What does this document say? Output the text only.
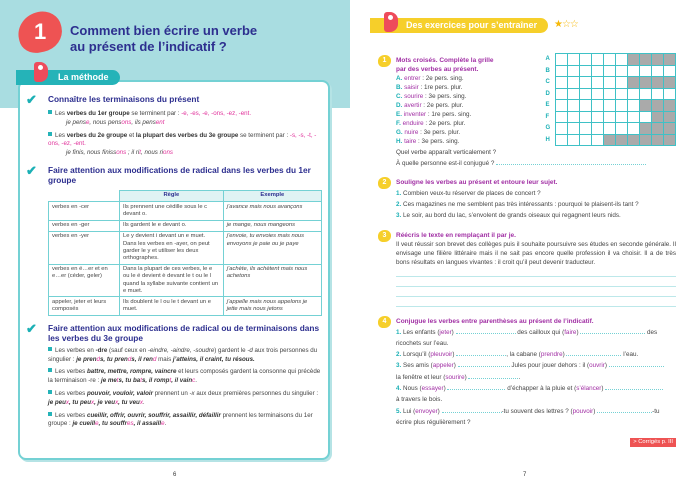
1 Comment bien écrire un verbe
au présent de l’indicatif ?
La méthode
✔	Connaître les terminaisons du présent
Les verbes du 1er groupe se terminent par : -e, -es, -e, -ons, -ez, -ent.
je pense, nous pensons, ils pensent
Les verbes du 2e groupe et la plupart des verbes du 3e groupe se terminent par : -s, -s, -t, -ons, -ez, -ent.
je finis, nous finissons ; il rit, nous rions
✔	Faire attention aux modifications de radical dans les verbes du 1er groupe
	Règle	Exemple
verbes en -cer	Ils prennent une cédille sous le c devant o.	j’avance mais nous avançons
verbes en -ger	Ils gardent le e devant o.	je mange, nous mangeons
verbes en -yer	Le y devient i devant un e muet. Dans les verbes en -ayer, on peut garder le y et utiliser les deux orthographes.	j’envoie, tu envoies mais nous envoyons je paie ou je paye
verbes en é…er et en e…er (céder, geler)	Dans la plupart de ces verbes, le e ou le é devient è devant le t ou le l quand la syllabe suivante contient un e muet.	j’achète, ils achètent mais nous achetons
appeler, jeter et leurs composés	Ils doublent le l ou le t devant un e muet.	j’appelle mais nous appelons je jette mais nous jetons
✔	Faire attention aux modifications de radical ou de terminaisons dans les verbes du 3e groupe
Les verbes en -dre (sauf ceux en -eindre, -aindre, -soudre) gardent le -d aux trois personnes du singulier : je prends, tu prends, il rend mais j’atteins, il craint, tu résous.
Les verbes battre, mettre, rompre, vaincre et leurs composés gardent la consonne qui précède la terminaison -re : je mets, tu bats, il rompt, il vainc.
Les verbes pouvoir, vouloir, valoir prennent un -x aux deux premières personnes du singulier : je peux, tu peux, je veux, tu veux.
Les verbes cueillir, offrir, ouvrir, souffrir, assaillir, défaillir prennent les terminaisons du 1er groupe : je cueille, tu souffres, il assaille.
6
Des exercices pour s’entraîner	★☆☆
1	Mots croisés. Complète la grille
par des verbes au présent.
A. entrer : 2e pers. sing.
B. saisir : 1re pers. plur.
C. sourire : 3e pers. sing.
D. avertir : 2e pers. plur.
E. inventer : 1re pers. sing.
F. enduire : 2e pers. plur.
G. nuire : 3e pers. plur.
H. taire : 3e pers. sing.
A										
B										
C										
D										
E										
F										
G										
H										
Quel verbe apparaît verticalement ?
À quelle personne est-il conjugué ?
2	Souligne les verbes au présent et entoure leur sujet.
1. Combien veux-tu réserver de places de concert ?
2. Ces magazines ne me semblent pas très intéressants : pourquoi te plaisent-ils tant ?
3. Le soir, au bord du lac, s’envolent de grands oiseaux qui regagnent leurs nids.
3	Réécris le texte en remplaçant il par je.
Il veut réussir son brevet des collèges puis il souhaite poursuivre ses études en seconde générale. Il envisage une filière littéraire mais il ne sait pas encore quelle profession il va choisir. Il a de très bons résultats en langues vivantes : il croit qu’il peut devenir traducteur.
4	Conjugue les verbes entre parenthèses au présent de l’indicatif.
1. Les enfants (jeter)	des cailloux qui (faire)	des
ricochets sur l’eau.
2. Lorsqu’il (pleuvoir)	, la cabane (prendre)	l’eau.
3. Ses amis (appeler)	Jules pour jouer dehors : il (ouvrir)
la fenêtre et leur (sourire)	.
4. Nous (essayer)	d’échapper à la pluie et (s’élancer)
à travers le bois.
5. Lui (envoyer)	-tu souvent des lettres ? (pouvoir)	-tu
écrire plus régulièrement ?
> Corrigés p. III
7
